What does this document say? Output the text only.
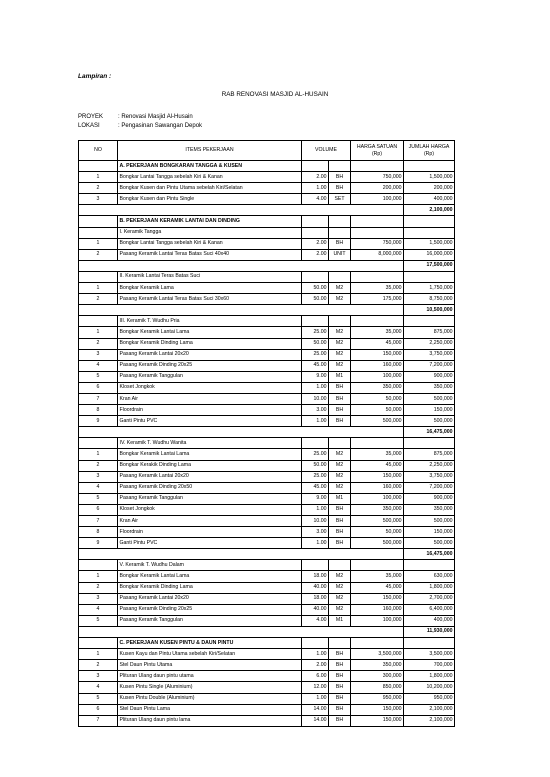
Lampiran :
RAB RENOVASI MASJID AL-HUSAIN
PROYEK : Renovasi Masjid Al-Husain
LOKASI	: Pengasinan Sawangan Depok
NO	ITEMS PEKERJAAN	VOLUME		HARGA SATUAN (Rp)	JUMLAH HARGA (Rp)
	A. PEKERJAAN BONGKARAN TANGGA & KUSEN				
1	Bongkar Lantai Tangga sebelah Kiri & Kanan	2.00	BH	750,000	1,500,000
2	Bongkar Kusen dan Pintu Utama sebelah Kiri/Selatan	1.00	BH	200,000	200,000
3	Bongkar Kusen dan Pintu Single	4.00	SET	100,000	400,000
					2,100,000
	B. PEKERJAAN KERAMIK LANTAI DAN DINDING				
	I. Keramik Tangga				
1	Bongkar Lantai Tangga sebelah Kiri & Kanan	2.00	BH	750,000	1,500,000
2	Pasang Keramik Lantai Teras Batas Suci 40x40	2.00	UNIT	8,000,000	16,000,000
					17,500,000
	II. Keramik Lantai Teras Batas Suci				
1	Bongkar Keramik Lama	50.00	M2	35,000	1,750,000
2	Pasang Keramik Lantai Teras Batas Suci 30x60	50.00	M2	175,000	8,750,000
					10,500,000
	III. Keramik T. Wudhu Pria				
1	Bongkar Keramik Lantai Lama	25.00	M2	35,000	875,000
2	Bongkar Keramik Dinding Lama	50.00	M2	45,000	2,250,000
3	Pasang Keramik Lantai 20x20	25.00	M2	150,000	3,750,000
4	Pasang Keramik Dinding 20x25	45.00	M2	160,000	7,200,000
5	Pasang Keramik Tanggulan	9.00	M1	100,000	900,000
6	Kloset Jongkok	1.00	BH	350,000	350,000
7	Kran Air	10.00	BH	50,000	500,000
8	Floordrain	3.00	BH	50,000	150,000
9	Ganti Pintu PVC	1.00	BH	500,000	500,000
					16,475,000
	IV. Keramik T. Wudhu Wanita				
1	Bongkar Keramik Lantai Lama	25.00	M2	35,000	875,000
2	Bongkar Kerakik Dinding Lama	50.00	M2	45,000	2,250,000
3	Pasang Keramik Lantai 20x20	25.00	M2	150,000	3,750,000
4	Pasang Keramik Dinding 20x50	45.00	M2	160,000	7,200,000
5	Pasang Keramik Tanggulan	9.00	M1	100,000	900,000
6	Kloset Jongkok	1.00	BH	350,000	350,000
7	Kran Air	10.00	BH	500,000	500,000
8	Floordrain	3.00	BH	50,000	150,000
9	Ganti Pintu PVC	1.00	BH	500,000	500,000
					16,475,000
	V. Keramik T. Wudhu Dalam				
1	Bongkar Keramik Lantai Lama	18.00	M2	35,000	630,000
2	Bongkar Keramik Dinding Lama	40.00	M2	45,000	1,800,000
3	Pasang Keramik Lantai 20x20	18.00	M2	150,000	2,700,000
4	Pasang Keramik Dinding 20x25	40.00	M2	160,000	6,400,000
5	Pasang Keramik Tanggulan	4.00	M1	100,000	400,000
					11,930,000
	C. PEKERJAAN KUSEN PINTU & DAUN PINTU				
1	Kusen Kayu dan Pintu Utama sebelah Kiri/Selatan	1.00	BH	3,500,000	3,500,000
2	Stel Daun Pintu Utama	2.00	BH	350,000	700,000
3	Plituran Ulang daun pintu utama	6.00	BH	300,000	1,800,000
4	Kusen Pintu Single (Aluminium)	12.00	BH	850,000	10,200,000
5	Kusen Pintu Double (Aluminium)	1.00	BH	950,000	950,000
6	Stel Daun Pintu Lama	14.00	BH	150,000	2,100,000
7	Plituran Ulang daun pintu lama	14.00	BH	150,000	2,100,000
